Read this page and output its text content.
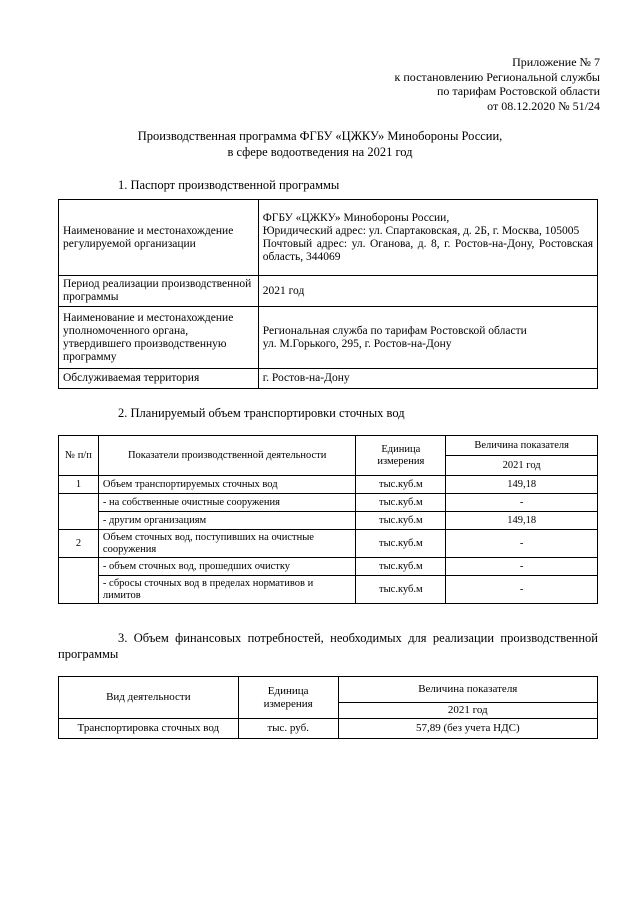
Приложение № 7
к постановлению Региональной службы
по тарифам Ростовской области
от 08.12.2020 № 51/24
Производственная программа ФГБУ «ЦЖКУ» Минобороны России,
в сфере водоотведения на 2021 год
1. Паспорт производственной программы
Наименование и местонахождение регулируемой организации	ФГБУ «ЦЖКУ» Минобороны России,
Юридический адрес: ул. Спартаковская, д. 2Б, г. Москва, 105005
Почтовый адрес: ул. Оганова, д. 8, г. Ростов-на-Дону, Ростовская область, 344069

Период реализации производственной программы	2021 год
Наименование и местонахождение уполномоченного органа, утвердившего производственную программу	Региональная служба по тарифам Ростовской области
ул. М.Горького, 295, г. Ростов-на-Дону

Обслуживаемая территория	г. Ростов-на-Дону
2. Планируемый объем транспортировки сточных вод
№ п/п	Показатели производственной деятельности	Единица измерения	Величина показателя
			2021 год
1	Объем транспортируемых сточных вод	тыс.куб.м	149,18
	- на собственные очистные сооружения	тыс.куб.м	-
	- другим организациям	тыс.куб.м	149,18
2	Объем сточных вод, поступивших на очистные сооружения	тыс.куб.м	-
	- объем сточных вод, прошедших очистку	тыс.куб.м	-
	- сбросы сточных вод в пределах нормативов и лимитов	тыс.куб.м	-
3. Объем финансовых потребностей, необходимых для реализации производственной программы
Вид деятельности	Единица измерения	Величина показателя
		2021 год
Транспортировка сточных вод	тыс. руб.	57,89 (без учета НДС)
